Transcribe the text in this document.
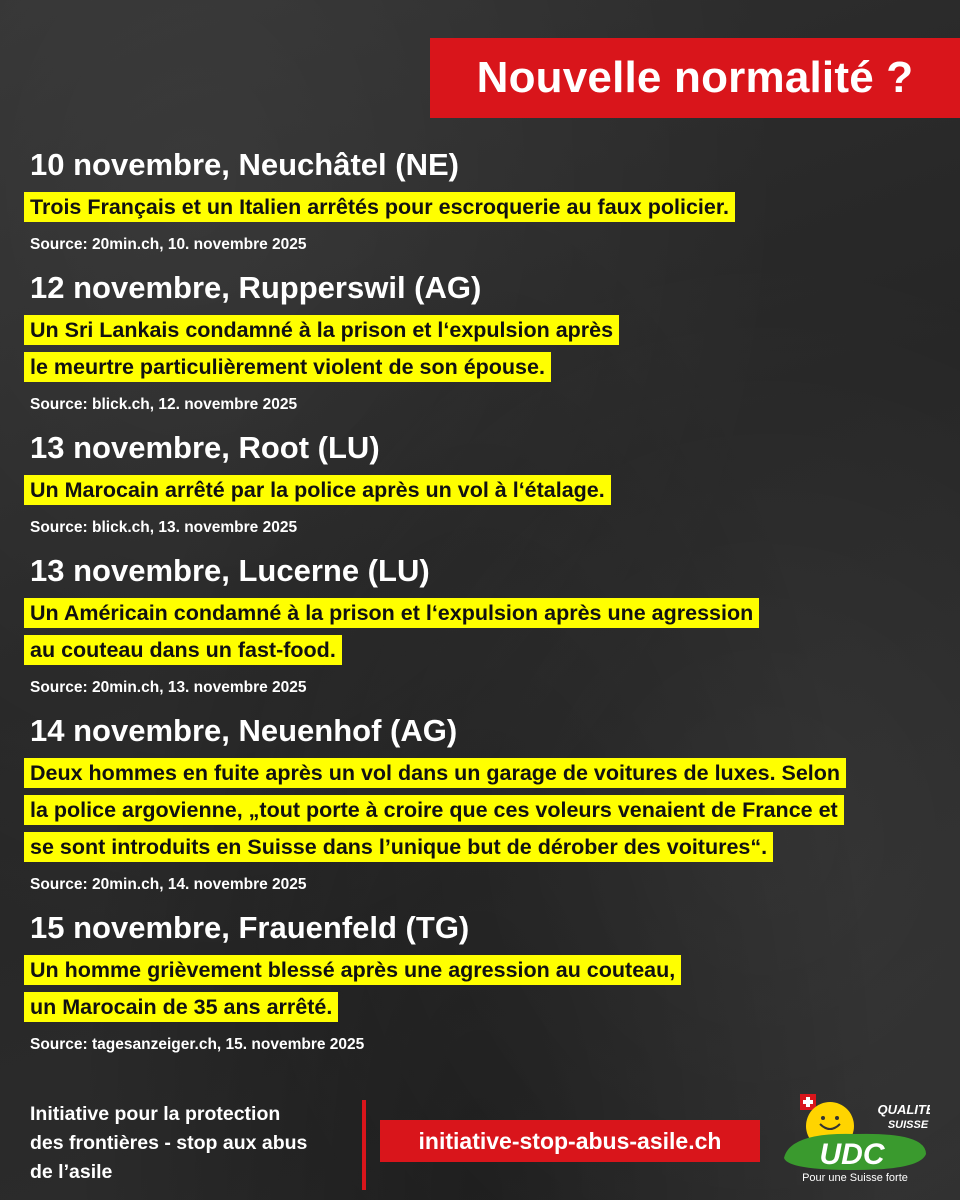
Nouvelle normalité ?
10 novembre, Neuchâtel (NE)
Trois Français et un Italien arrêtés pour escroquerie au faux policier.
Source: 20min.ch, 10. novembre 2025
12 novembre, Rupperswil (AG)
Un Sri Lankais condamné à la prison et l‘expulsion après
le meurtre particulièrement violent de son épouse.
Source: blick.ch, 12. novembre 2025
13 novembre, Root (LU)
Un Marocain arrêté par la police après un vol à l‘étalage.
Source: blick.ch, 13. novembre 2025
13 novembre, Lucerne (LU)
Un Américain condamné à la prison et l‘expulsion après une agression
au couteau dans un fast-food.
Source: 20min.ch, 13. novembre 2025
14 novembre, Neuenhof (AG)
Deux hommes en fuite après un vol dans un garage de voitures de luxes. Selon
la police argovienne, „tout porte à croire que ces voleurs venaient de France et
se sont introduits en Suisse dans l’unique but de dérober des voitures“.
Source: 20min.ch, 14. novembre 2025
15 novembre, Frauenfeld (TG)
Un homme grièvement blessé après une agression au couteau,
un Marocain de 35 ans arrêté.
Source: tagesanzeiger.ch, 15. novembre 2025
Initiative pour la protection
des frontières - stop aux abus
de l’asile
initiative-stop-abus-asile.ch
QUALITÉ
SUISSE
UDC
Pour une Suisse forte
